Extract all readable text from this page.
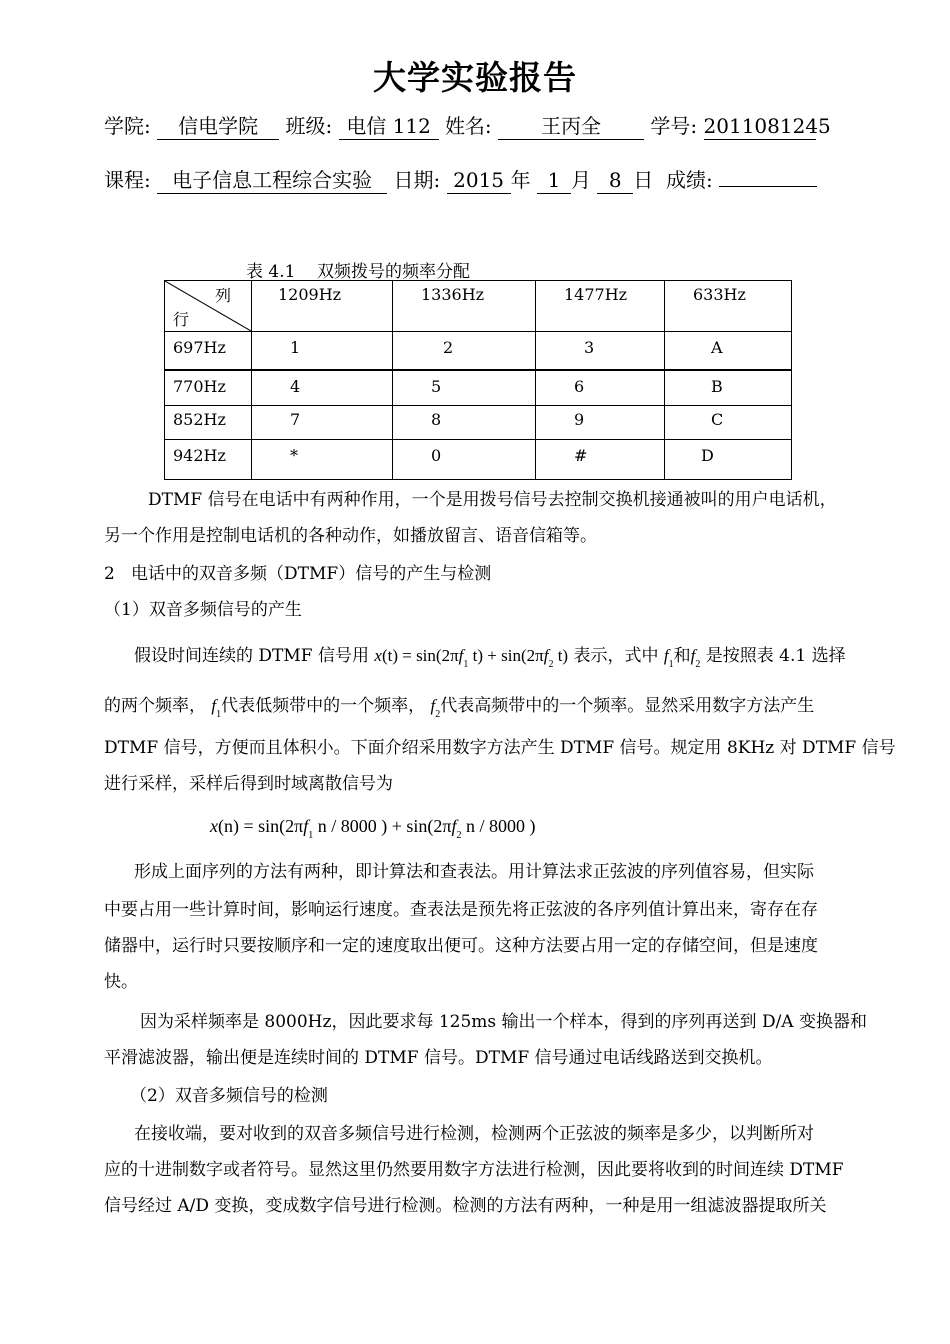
大学实验报告
学院: 信电学院 班级: 电信 112 姓名: 王丙全 学号: 2011081245
课程: 电子信息工程综合实验 日期: 2015 年 1 月 8 日 成绩:
表 4.1    双频拨号的频率分配
列
行	1209Hz	1336Hz	1477Hz	633Hz
697Hz	1	2	3	A
770Hz	4	5	6	B
852Hz	7	8	9	C
942Hz	*	0	#	D
DTMF 信号在电话中有两种作用，一个是用拨号信号去控制交换机接通被叫的用户电话机，
另一个作用是控制电话机的各种动作，如播放留言、语音信箱等。
2   电话中的双音多频（DTMF）信号的产生与检测
（1）双音多频信号的产生
假设时间连续的 DTMF 信号用 $x(t) = \sin(2\pi f_1$ $t) + \sin(2\pi f_2$ t) 表示，式中 $f_1$和$f_2$ 是按照表 4.1 选择
的两个频率， $f_1$代表低频带中的一个频率， $f_2$代表高频带中的一个频率。显然采用数字方法产生
DTMF 信号，方便而且体积小。下面介绍采用数字方法产生 DTMF 信号。规定用 8KHz 对 DTMF 信号
进行采样，采样后得到时域离散信号为
$x(n) = \sin(2\pi f_1$ n / 8000 ) + $\sin(2\pi f_2$ n / 8000 )
形成上面序列的方法有两种，即计算法和查表法。用计算法求正弦波的序列值容易，但实际
中要占用一些计算时间，影响运行速度。查表法是预先将正弦波的各序列值计算出来，寄存在存
储器中，运行时只要按顺序和一定的速度取出便可。这种方法要占用一定的存储空间，但是速度
快。
因为采样频率是 8000Hz，因此要求每 125ms 输出一个样本，得到的序列再送到 D/A 变换器和
平滑滤波器，输出便是连续时间的 DTMF 信号。DTMF 信号通过电话线路送到交换机。
（2）双音多频信号的检测
在接收端，要对收到的双音多频信号进行检测，检测两个正弦波的频率是多少，以判断所对
应的十进制数字或者符号。显然这里仍然要用数字方法进行检测，因此要将收到的时间连续 DTMF
信号经过 A/D 变换，变成数字信号进行检测。检测的方法有两种，一种是用一组滤波器提取所关
